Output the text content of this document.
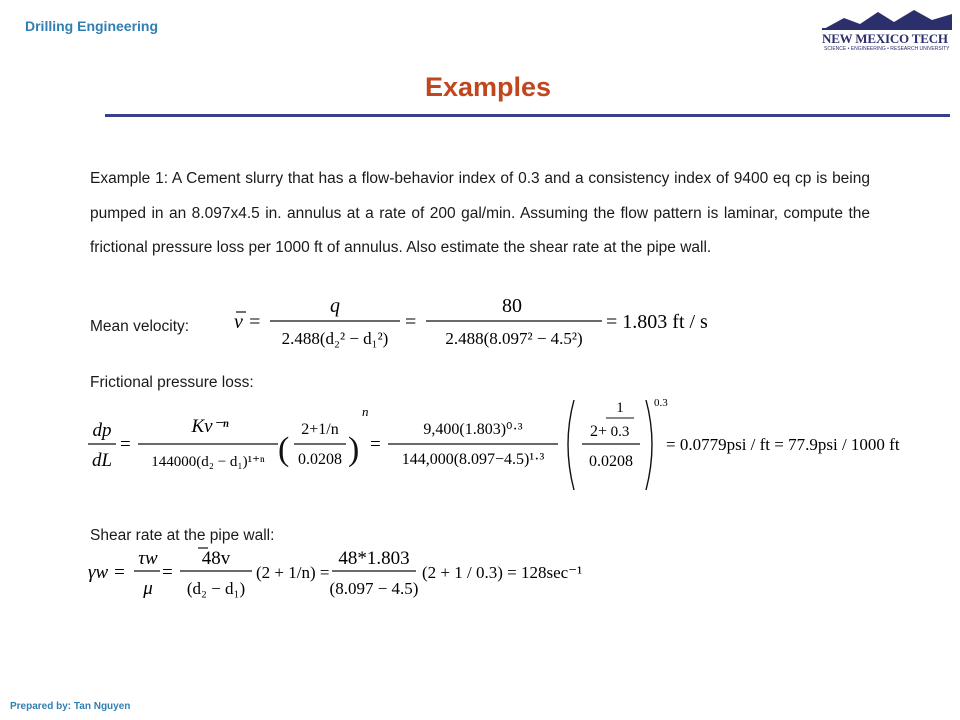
Drilling Engineering
NEW MEXICO TECH
SCIENCE • ENGINEERING • RESEARCH UNIVERSITY
Examples
Example 1: A Cement slurry that has a flow-behavior index of 0.3 and a consistency index of 9400 eq cp is being pumped in an 8.097x4.5 in. annulus at a rate of 200 gal/min. Assuming the flow pattern is laminar, compute the frictional pressure loss per 1000 ft of annulus. Also estimate the shear rate at the pipe wall.
Mean velocity: v =
q
2.488(d₂² − d₁²)
=
80
2.488(8.097² − 4.5²)
= 1.803 ft / s
Frictional pressure loss:
dp
dL
=
Kv⁻ⁿ
144000(d₂ − d₁)¹⁺ⁿ (
2+1/n
0.0208 )
n
=
9,400(1.803)⁰·³
144,000(8.097−4.5)¹·³
2+
1
0.3
0.0208
0.3
= 0.0779psi / ft = 77.9psi / 1000 ft
Shear rate at the pipe wall:
γw =
τw
μ
=
48v
(d₂ − d₁)
(2 + 1/n) =
48*1.803
(8.097 − 4.5)
(2 + 1 / 0.3) = 128sec⁻¹
Prepared by: Tan Nguyen
